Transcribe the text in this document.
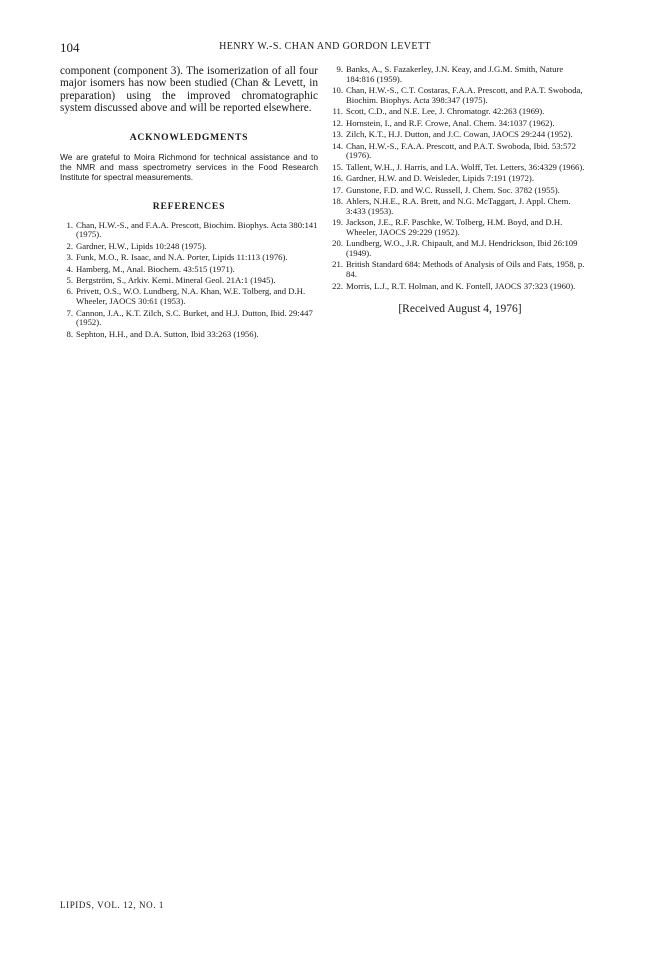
104	HENRY W.-S. CHAN AND GORDON LEVETT

component (component 3). The isomerization of all four major isomers has now been studied (Chan & Levett, in preparation) using the improved chromatographic system discussed above and will be reported elsewhere.

ACKNOWLEDGMENTS

We are grateful to Moira Richmond for technical assistance and to the NMR and mass spectrometry services in the Food Research Institute for spectral measurements.

REFERENCES
1. Chan, H.W.-S., and F.A.A. Prescott, Biochim. Biophys. Acta 380:141 (1975).
2. Gardner, H.W., Lipids 10:248 (1975).
3. Funk, M.O., R. Isaac, and N.A. Porter, Lipids 11:113 (1976).
4. Hamberg, M., Anal. Biochem. 43:515 (1971).
5. Bergström, S., Arkiv. Kemi. Mineral Geol. 21A:1 (1945).
6. Privett, O.S., W.O. Lundberg, N.A. Khan, W.E. Tolberg, and D.H. Wheeler, JAOCS 30:61 (1953).
7. Cannon, J.A., K.T. Zilch, S.C. Burket, and H.J. Dutton, Ibid. 29:447 (1952).
8. Sephton, H.H., and D.A. Sutton, Ibid 33:263 (1956).
9. Banks, A., S. Fazakerley, J.N. Keay, and J.G.M. Smith, Nature 184:816 (1959).
10. Chan, H.W.-S., C.T. Costaras, F.A.A. Prescott, and P.A.T. Swoboda, Biochim. Biophys. Acta 398:347 (1975).
11. Scott, C.D., and N.E. Lee, J. Chromatogr. 42:263 (1969).
12. Hornstein, I., and R.F. Crowe, Anal. Chem. 34:1037 (1962).
13. Zilch, K.T., H.J. Dutton, and J.C. Cowan, JAOCS 29:244 (1952).
14. Chan, H.W.-S., F.A.A. Prescott, and P.A.T. Swoboda, Ibid. 53:572 (1976).
15. Tallent, W.H., J. Harris, and I.A. Wolff, Tet. Letters, 36:4329 (1966).
16. Gardner, H.W. and D. Weisleder, Lipids 7:191 (1972).
17. Gunstone, F.D. and W.C. Russell, J. Chem. Soc. 3782 (1955).
18. Ahlers, N.H.E., R.A. Brett, and N.G. McTaggart, J. Appl. Chem. 3:433 (1953).
19. Jackson, J.E., R.F. Paschke, W. Tolberg, H.M. Boyd, and D.H. Wheeler, JAOCS 29:229 (1952).
20. Lundberg, W.O., J.R. Chipault, and M.J. Hendrickson, Ibid 26:109 (1949).
21. British Standard 684: Methods of Analysis of Oils and Fats, 1958, p. 84.
22. Morris, L.J., R.T. Holman, and K. Fontell, JAOCS 37:323 (1960).
[Received August 4, 1976]
LIPIDS, VOL. 12, NO. 1
